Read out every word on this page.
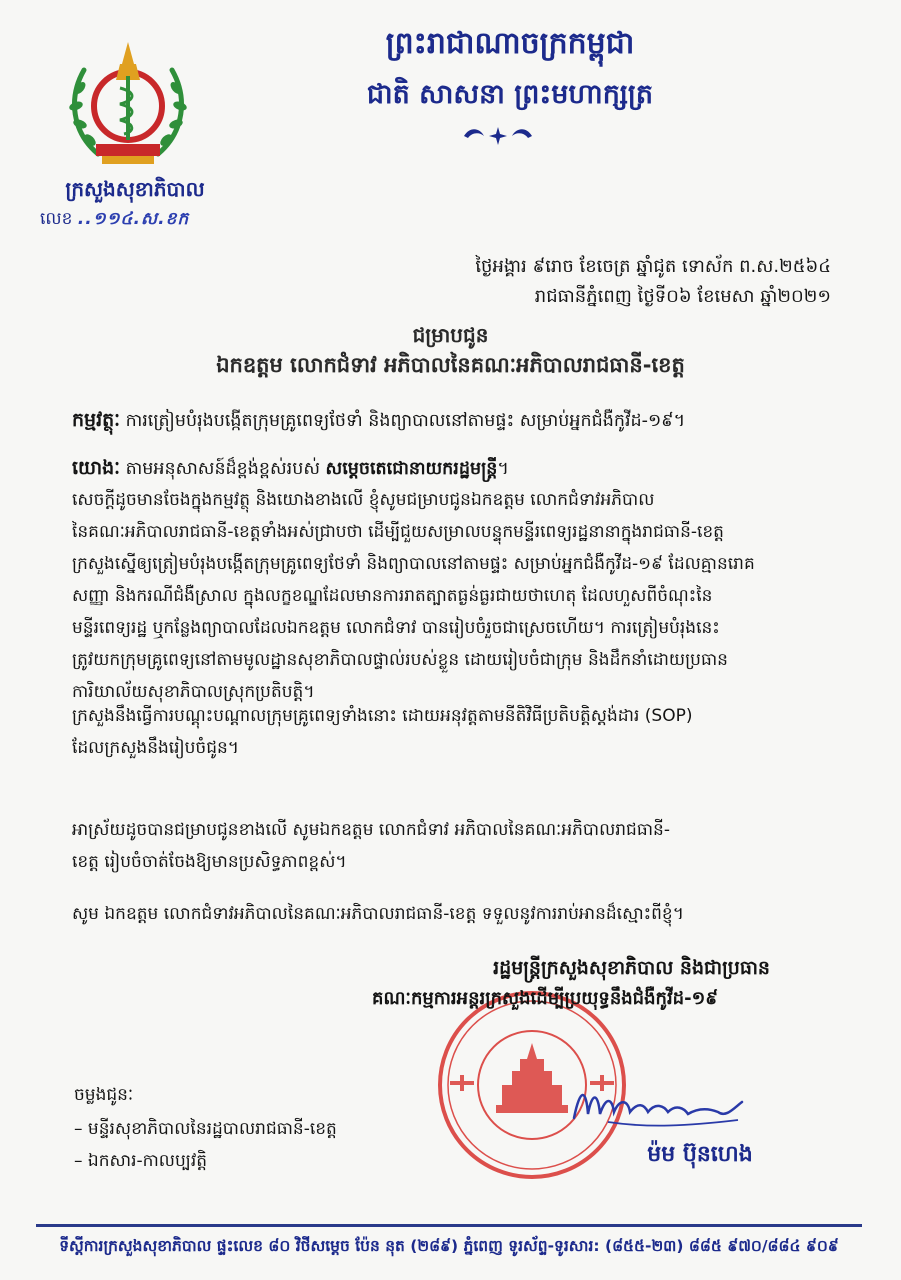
ព្រះរាជាណាចក្រកម្ពុជា
ជាតិ សាសនា ព្រះមហាក្សត្រ
ក្រសួងសុខាភិបាល
លេខ ..១១៤.ស.ខក
ថ្ងៃអង្គារ ៩រោច ខែចេត្រ ឆ្នាំជូត ទោស័ក ព.ស.២៥៦៤
រាជធានីភ្នំពេញ ថ្ងៃទី០៦ ខែមេសា ឆ្នាំ២០២១
ជម្រាបជូន
ឯកឧត្តម លោកជំទាវ អភិបាលនៃគណៈអភិបាលរាជធានី-ខេត្ត
កម្មវត្ថុៈ ការត្រៀមបំរុងបង្កើតក្រុមគ្រូពេទ្យថែទាំ និងព្យាបាលនៅតាមផ្ទះ សម្រាប់អ្នកជំងឺកូវីដ-១៩។
យោងៈ តាមអនុសាសន៍ដ៏ខ្ពង់ខ្ពស់របស់ សម្តេចតេជោនាយករដ្ឋមន្ត្រី។
សេចក្តីដូចមានចែងក្នុងកម្មវត្ថុ និងយោងខាងលើ ខ្ញុំសូមជម្រាបជូនឯកឧត្តម លោកជំទាវអភិបាល
នៃគណៈអភិបាលរាជធានី-ខេត្តទាំងអស់ជ្រាបថា ដើម្បីជួយសម្រាលបន្ទុកមន្ទីរពេទ្យរដ្ឋនានាក្នុងរាជធានី-ខេត្ត
ក្រសួងស្នើឲ្យត្រៀមបំរុងបង្កើតក្រុមគ្រូពេទ្យថែទាំ និងព្យាបាលនៅតាមផ្ទះ សម្រាប់អ្នកជំងឺកូវីដ-១៩ ដែលគ្មានរោគ
សញ្ញា និងករណីជំងឺស្រាល ក្នុងលក្ខខណ្ឌដែលមានការរាតត្បាតធ្ងន់ធ្ងរជាយថាហេតុ ដែលហួសពីចំណុះនៃ
មន្ទីរពេទ្យរដ្ឋ ឬកន្លែងព្យាបាលដែលឯកឧត្តម លោកជំទាវ បានរៀបចំរួចជាស្រេចហើយ។ ការត្រៀមបំរុងនេះ
ត្រូវយកក្រុមគ្រូពេទ្យនៅតាមមូលដ្ឋានសុខាភិបាលផ្ទាល់របស់ខ្លួន ដោយរៀបចំជាក្រុម និងដឹកនាំដោយប្រធាន
ការិយាល័យសុខាភិបាលស្រុកប្រតិបត្តិ។
ក្រសួងនឹងធ្វើការបណ្តុះបណ្តាលក្រុមគ្រូពេទ្យទាំងនោះ ដោយអនុវត្តតាមនីតិវិធីប្រតិបត្តិស្តង់ដារ (SOP)
ដែលក្រសួងនឹងរៀបចំជូន។
អាស្រ័យដូចបានជម្រាបជូនខាងលើ សូមឯកឧត្តម លោកជំទាវ អភិបាលនៃគណៈអភិបាលរាជធានី-
ខេត្ត រៀបចំចាត់ចែងឱ្យមានប្រសិទ្ធភាពខ្ពស់។
សូម ឯកឧត្តម លោកជំទាវអភិបាលនៃគណៈអភិបាលរាជធានី-ខេត្ត ទទួលនូវការរាប់អានដ៏ស្មោះពីខ្ញុំ។
រដ្ឋមន្ត្រីក្រសួងសុខាភិបាល និងជាប្រធាន
គណៈកម្មការអន្តរក្រសួងដើម្បីប្រយុទ្ធនឹងជំងឺកូវីដ-១៩
ម៉ម ប៊ុនហេង
ចម្លងជូនៈ
– មន្ទីរសុខាភិបាលនៃរដ្ឋបាលរាជធានី-ខេត្ត
– ឯកសារ-កាលប្បវត្តិ
ទីស្តីការក្រសួងសុខាភិបាល ផ្ទះលេខ ៨០ វិថីសម្តេច ប៉ែន នុត (២៨៩) ភ្នំពេញ ទូរស័ព្ទ-ទូរសារ: (៨៥៥-២៣) ៨៨៥ ៩៧០/៨៨៤ ៩០៩
